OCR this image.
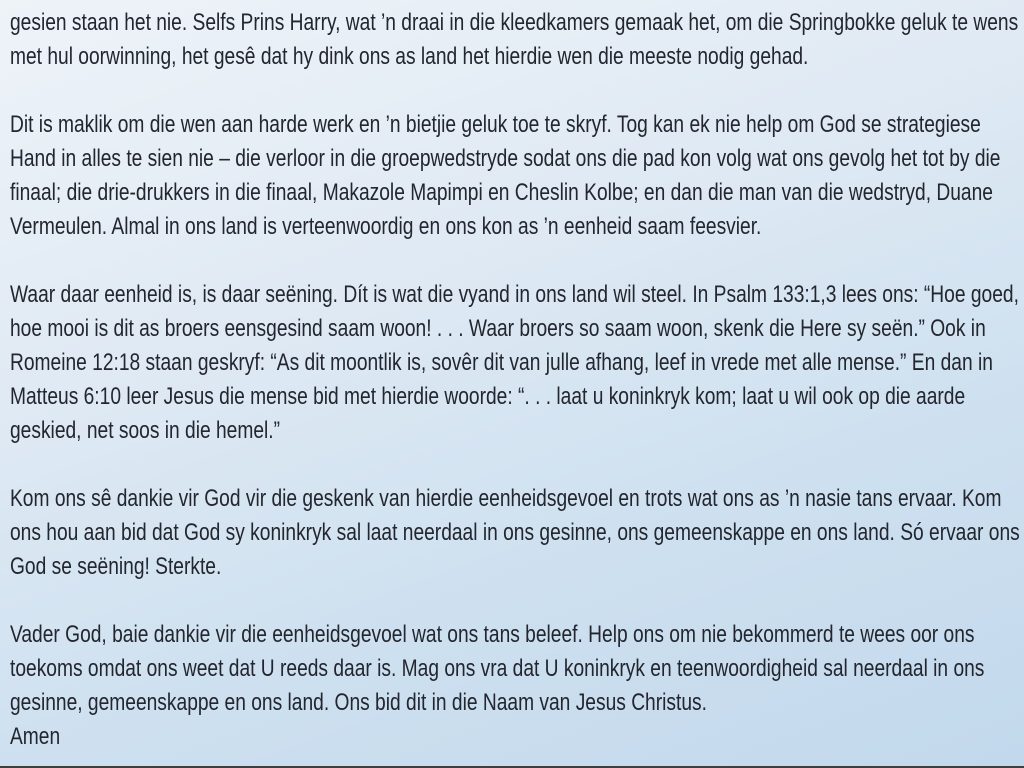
gesien staan het nie. Selfs Prins Harry, wat ’n draai in die kleedkamers gemaak het, om die Springbokke geluk te wens met hul oorwinning, het gesê dat hy dink ons as land het hierdie wen die meeste nodig gehad.

Dit is maklik om die wen aan harde werk en ’n bietjie geluk toe te skryf. Tog kan ek nie help om God se strategiese Hand in alles te sien nie – die verloor in die groepwedstryde sodat ons die pad kon volg wat ons gevolg het tot by die finaal; die drie-drukkers in die finaal, Makazole Mapimpi en Cheslin Kolbe; en dan die man van die wedstryd, Duane Vermeulen. Almal in ons land is verteenwoordig en ons kon as ’n eenheid saam feesvier.

Waar daar eenheid is, is daar seëning. Dít is wat die vyand in ons land wil steel. In Psalm 133:1,3 lees ons: “Hoe goed, hoe mooi is dit as broers eensgesind saam woon! . . . Waar broers so saam woon, skenk die Here sy seën.” Ook in Romeine 12:18 staan geskryf: “As dit moontlik is, sovêr dit van julle afhang, leef in vrede met alle mense.” En dan in Matteus 6:10 leer Jesus die mense bid met hierdie woorde: “. . . laat u koninkryk kom; laat u wil ook op die aarde geskied, net soos in die hemel.”

Kom ons sê dankie vir God vir die geskenk van hierdie eenheidsgevoel en trots wat ons as ’n nasie tans ervaar. Kom ons hou aan bid dat God sy koninkryk sal laat neerdaal in ons gesinne, ons gemeenskappe en ons land. Só ervaar ons God se seëning! Sterkte.

Vader God, baie dankie vir die eenheidsgevoel wat ons tans beleef. Help ons om nie bekommerd te wees oor ons toekoms omdat ons weet dat U reeds daar is. Mag ons vra dat U koninkryk en teenwoordigheid sal neerdaal in ons gesinne, gemeenskappe en ons land. Ons bid dit in die Naam van Jesus Christus.

Amen
